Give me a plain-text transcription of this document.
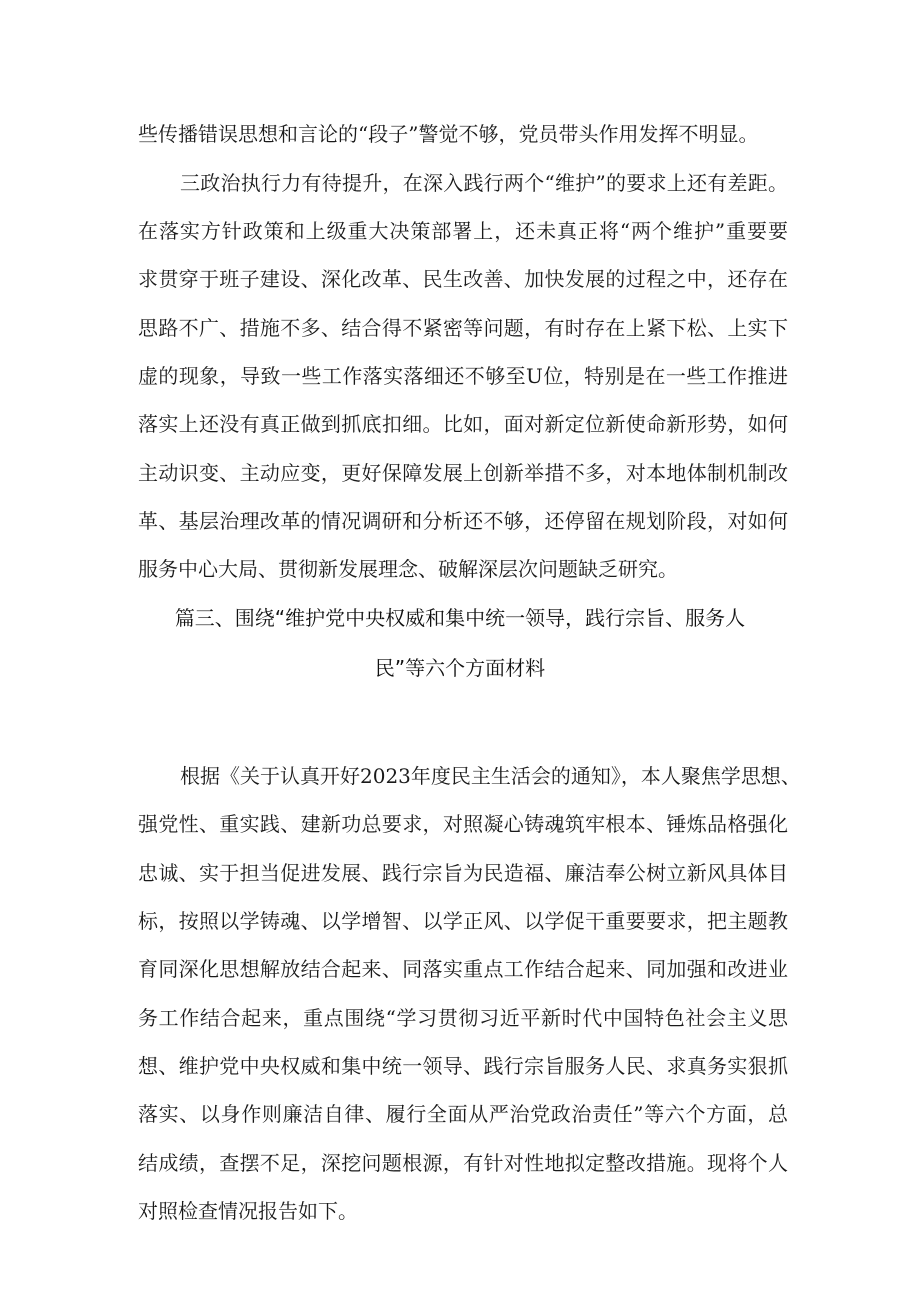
些传播错误思想和言论的“段子”警觉不够，党员带头作用发挥不明显。
三政治执行力有待提升，在深入践行两个“维护”的要求上还有差距。
在落实方针政策和上级重大决策部署上，还未真正将“两个维护”重要要
求贯穿于班子建设、深化改革、民生改善、加快发展的过程之中，还存在
思路不广、措施不多、结合得不紧密等问题，有时存在上紧下松、上实下
虚的现象，导致一些工作落实落细还不够至U位，特别是在一些工作推进
落实上还没有真正做到抓底扣细。比如，面对新定位新使命新形势，如何
主动识变、主动应变，更好保障发展上创新举措不多，对本地体制机制改
革、基层治理改革的情况调研和分析还不够，还停留在规划阶段，对如何
服务中心大局、贯彻新发展理念、破解深层次问题缺乏研究。
篇三、围绕“维护党中央权威和集中统一领导，践行宗旨、服务人
民”等六个方面材料
根据《关于认真开好2023年度民主生活会的通知》，本人聚焦学思想、
强党性、重实践、建新功总要求，对照凝心铸魂筑牢根本、锤炼品格强化
忠诚、实于担当促进发展、践行宗旨为民造福、廉洁奉公树立新风具体目
标，按照以学铸魂、以学增智、以学正风、以学促干重要要求，把主题教
育同深化思想解放结合起来、同落实重点工作结合起来、同加强和改进业
务工作结合起来，重点围绕“学习贯彻习近平新时代中国特色社会主义思
想、维护党中央权威和集中统一领导、践行宗旨服务人民、求真务实狠抓
落实、以身作则廉洁自律、履行全面从严治党政治责任”等六个方面，总
结成绩，查摆不足，深挖问题根源，有针对性地拟定整改措施。现将个人
对照检查情况报告如下。
